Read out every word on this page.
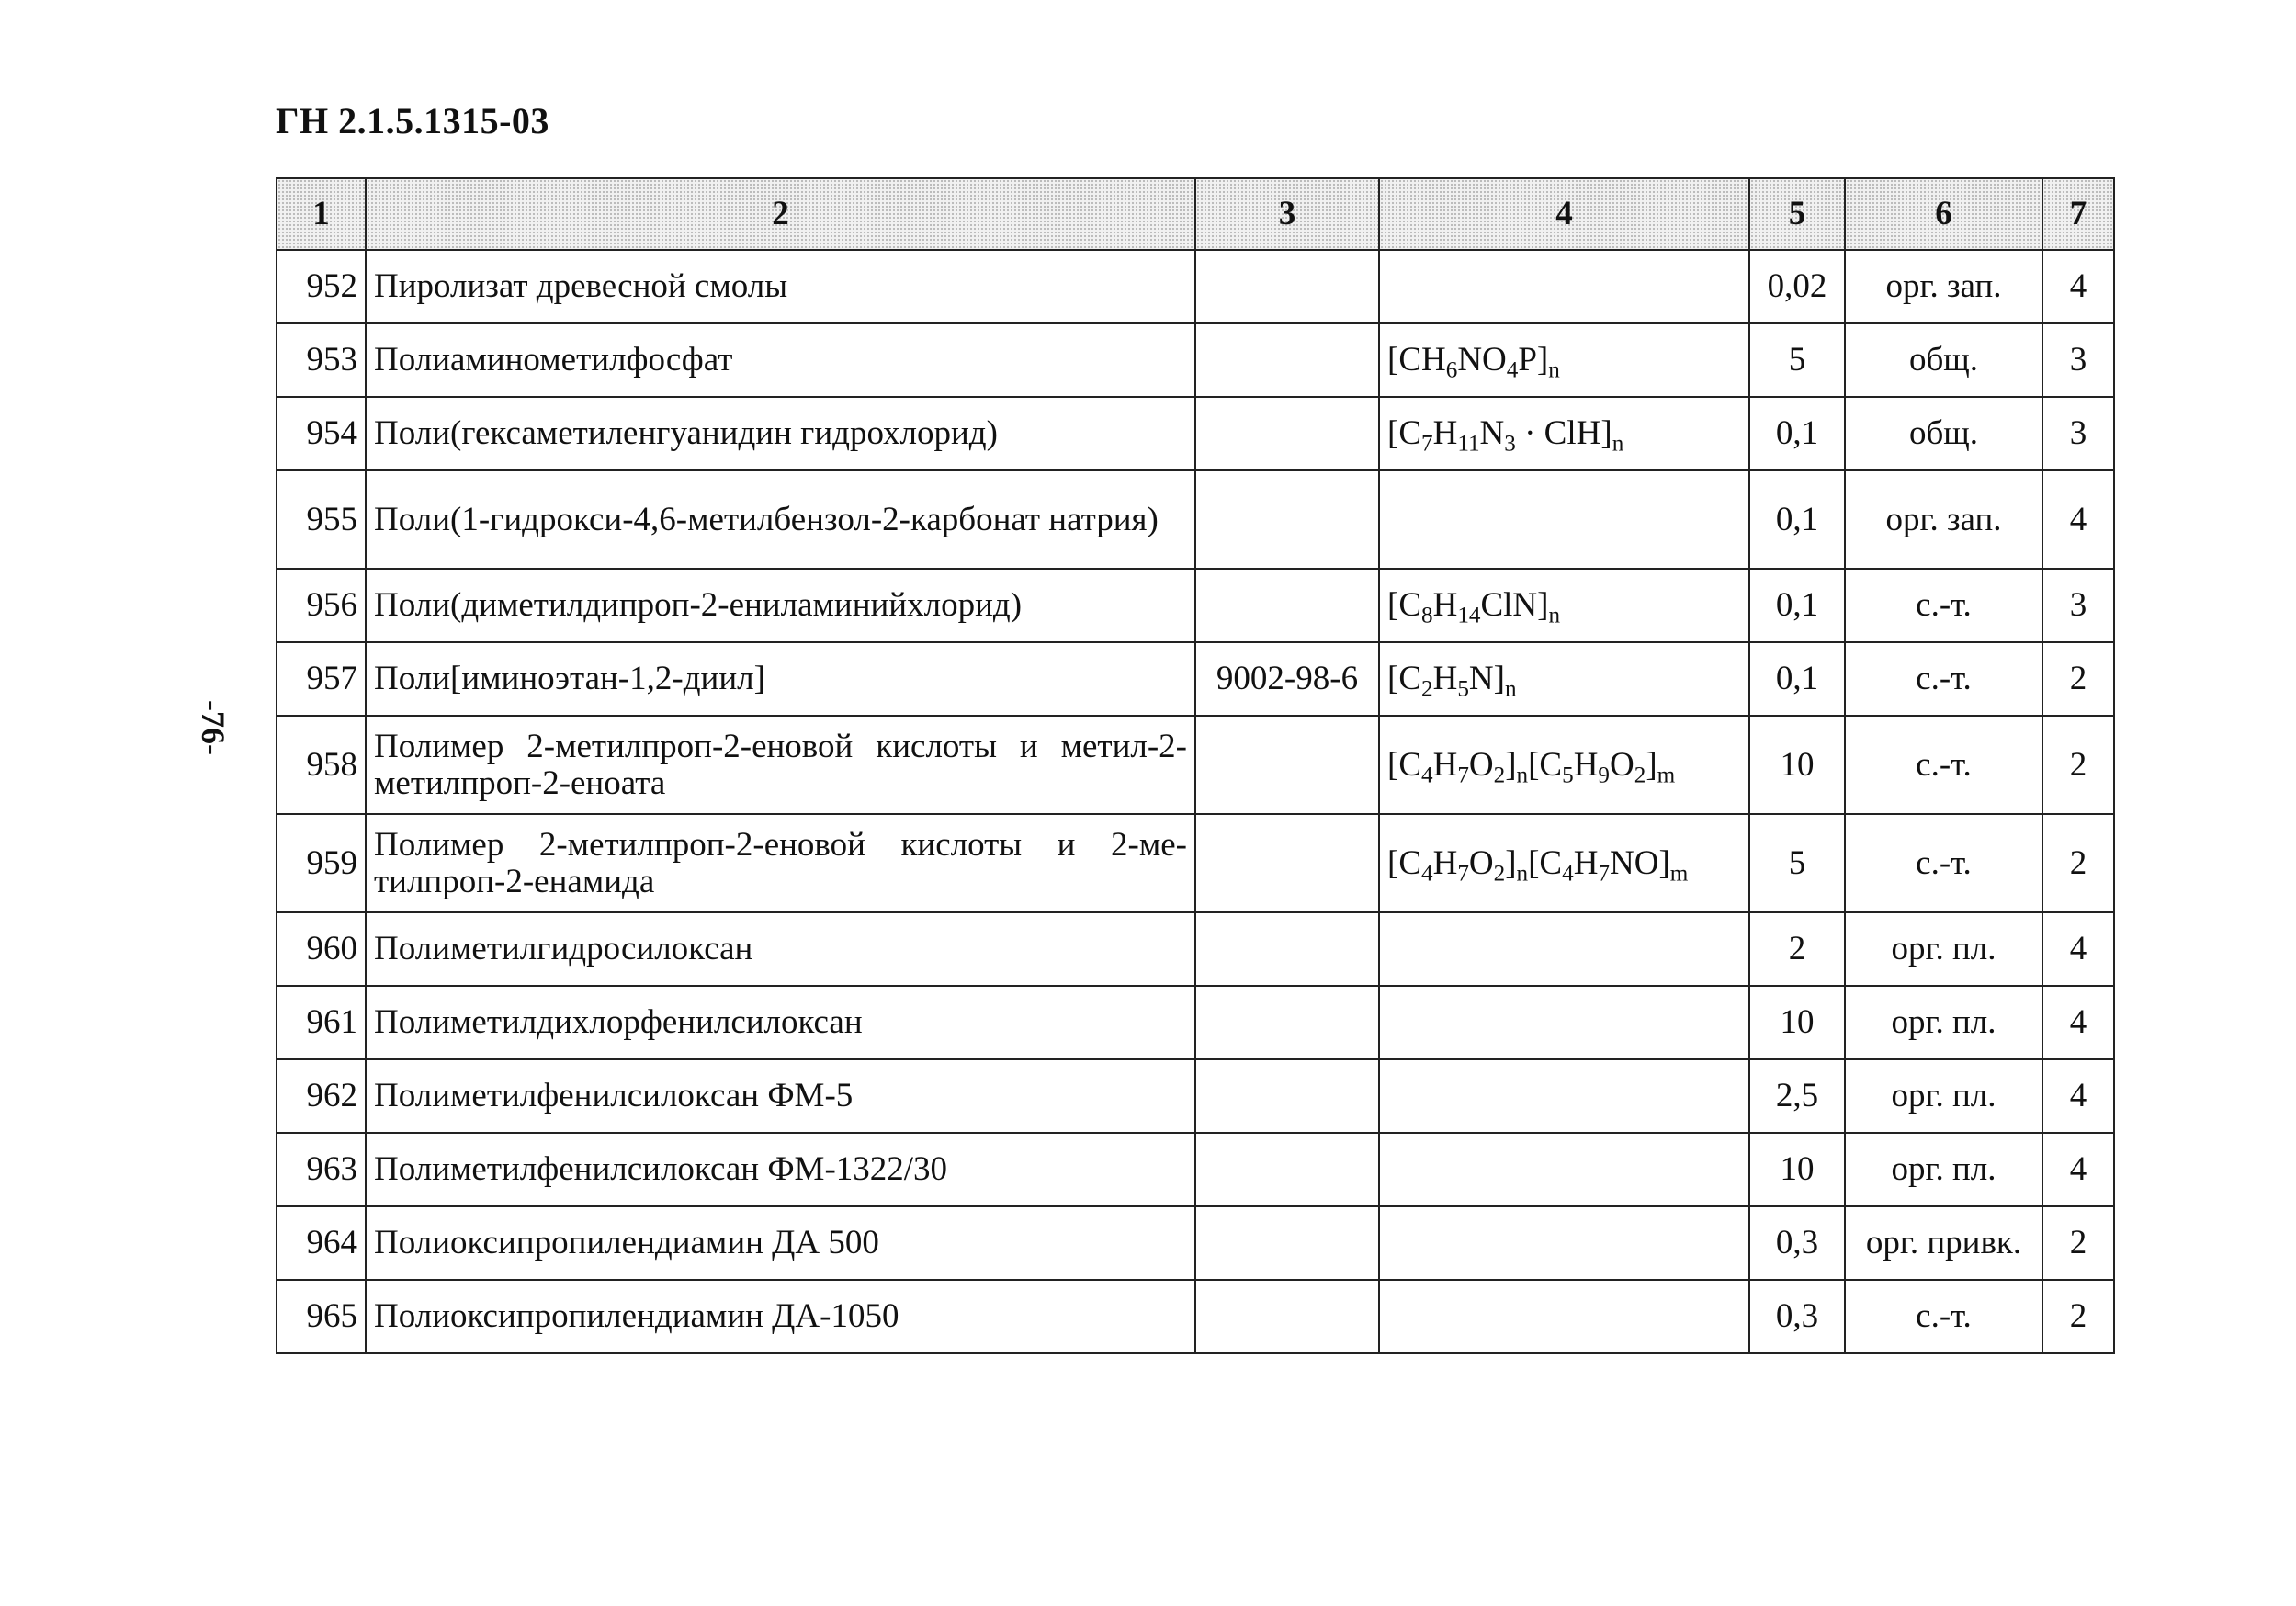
ГН 2.1.5.1315-03
-76-
1	2	3	4	5	6	7
952	Пиролизат древесной смолы			0,02	орг. зап.	4
953	Полиаминометилфосфат		$[CH_6NO_4P]_n$	5	общ.	3
954	Поли(гексаметиленгуанидин гидрохлорид)		$[C_7H_{11}N_3 \cdot ClH]_n$	0,1	общ.	3
955	Поли(1-гидрокси-4,6-метилбензол-2-карбонат натрия)			0,1	орг. зап.	4
956	Поли(диметилдипроп-2-ениламинийхлорид)		$[C_8H_{14}ClN]_n$	0,1	с.-т.	3
957	Поли[иминоэтан-1,2-диил]	9002-98-6	$[C_2H_5N]_n$	0,1	с.-т.	2
958	Полимер 2-метилпроп-2-еновой кислоты и метил-2-метилпроп-2-еноата		$[C_4H_7O_2]_n[C_5H_9O_2]_m$	10	с.-т.	2
959	Полимер 2-метилпроп-2-еновой кислоты и 2-метилпроп-2-енамида		$[C_4H_7O_2]_n[C_4H_7NO]_m$	5	с.-т.	2
960	Полиметилгидросилоксан			2	орг. пл.	4
961	Полиметилдихлорфенилсилоксан			10	орг. пл.	4
962	Полиметилфенилсилоксан ФМ-5			2,5	орг. пл.	4
963	Полиметилфенилсилоксан ФМ-1322/30			10	орг. пл.	4
964	Полиоксипропилендиамин ДА 500			0,3	орг. привк.	2
965	Полиоксипропилендиамин ДА-1050			0,3	с.-т.	2
